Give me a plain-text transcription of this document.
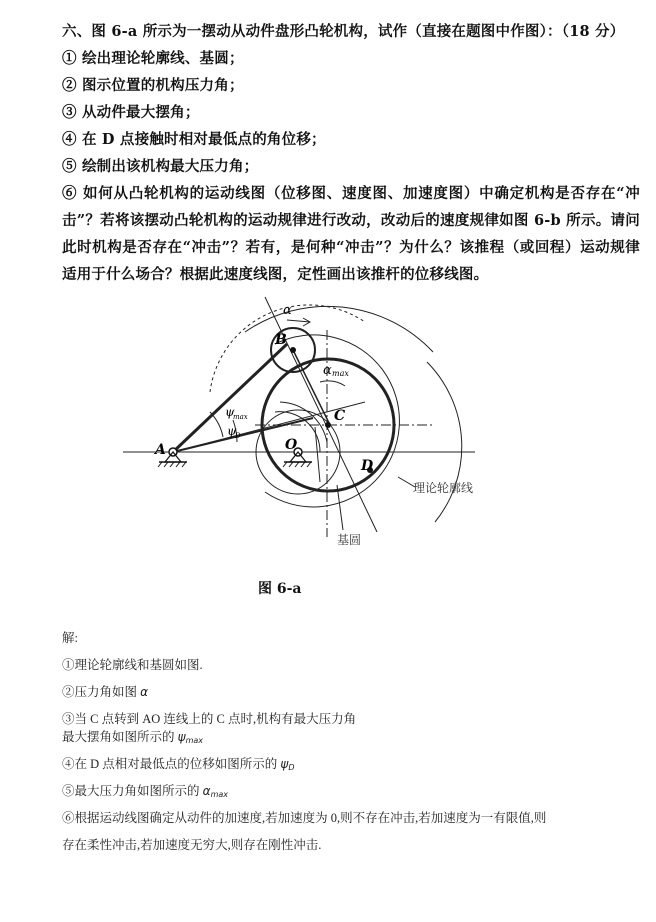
六、图 6-a 所示为一摆动从动件盘形凸轮机构，试作（直接在题图中作图）：（18 分）
① 绘出理论轮廓线、基圆；
② 图示位置的机构压力角；
③ 从动件最大摆角；
④ 在 D 点接触时相对最低点的角位移；
⑤ 绘制出该机构最大压力角；
⑥ 如何从凸轮机构的运动线图（位移图、速度图、加速度图）中确定机构是否存在“冲击”？若将该摆动凸轮机构的运动规律进行改动，改动后的速度规律如图 6-b 所示。请问此时机构是否存在“冲击”？若有，是何种“冲击”？为什么？该推程（或回程）运动规律适用于什么场合？根据此速度线图，定性画出该推杆的位移线图。
A
B
C
O
D
α
α max
ψ
max
ψ
D
理论轮廓线
基圆
图 6-a
解:
①理论轮廓线和基圆如图.
②压力角如图 α
③当 C 点转到 AO 连线上的 C 点时,机构有最大压力角
最大摆角如图所示的 $\psi_{max}$
④在 D 点相对最低点的位移如图所示的 $\psi_D$
⑤最大压力角如图所示的 $\alpha_{max}$
⑥根据运动线图确定从动件的加速度,若加速度为 0,则不存在冲击,若加速度为一有限值,则
存在柔性冲击,若加速度无穷大,则存在刚性冲击.
